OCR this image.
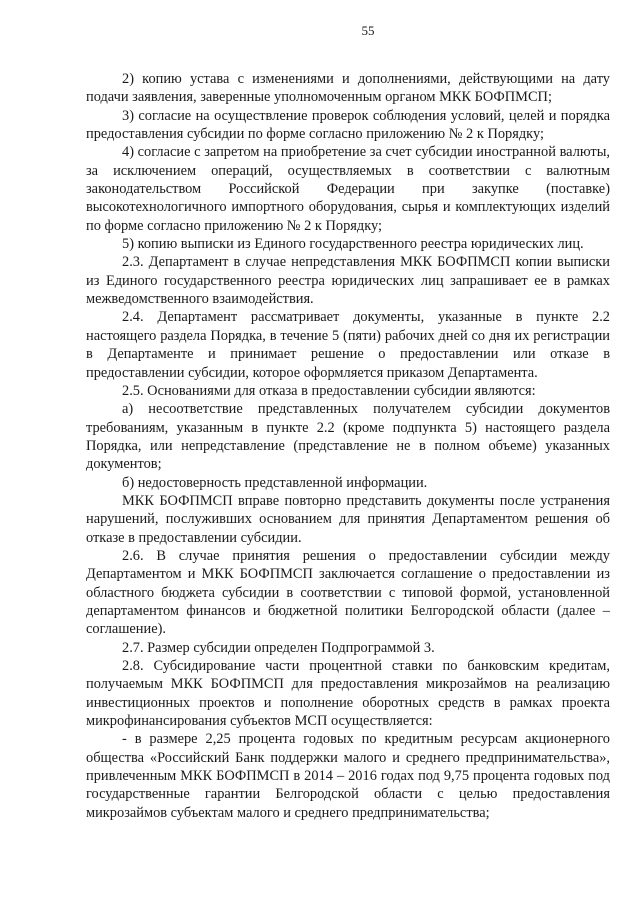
55

2) копию устава с изменениями и дополнениями, действующими на дату подачи заявления, заверенные уполномоченным органом МКК БОФПМСП;

3) согласие на осуществление проверок соблюдения условий, целей и порядка предоставления субсидии по форме согласно приложению № 2 к Порядку;

4) согласие с запретом на приобретение за счет субсидии иностранной валюты, за исключением операций, осуществляемых в соответствии с валютным законодательством Российской Федерации при закупке (поставке) высокотехнологичного импортного оборудования, сырья и комплектующих изделий по форме согласно приложению № 2 к Порядку;

5) копию выписки из Единого государственного реестра юридических лиц.

2.3. Департамент в случае непредставления МКК БОФПМСП копии выписки из Единого государственного реестра юридических лиц запрашивает ее в рамках межведомственного взаимодействия.

2.4. Департамент рассматривает документы, указанные в пункте 2.2 настоящего раздела Порядка, в течение 5 (пяти) рабочих дней со дня их регистрации в Департаменте и принимает решение о предоставлении или отказе в предоставлении субсидии, которое оформляется приказом Департамента.

2.5. Основаниями для отказа в предоставлении субсидии являются:

а) несоответствие представленных получателем субсидии документов требованиям, указанным в пункте 2.2 (кроме подпункта 5) настоящего раздела Порядка, или непредставление (представление не в полном объеме) указанных документов;

б) недостоверность представленной информации.

МКК БОФПМСП вправе повторно представить документы после устранения нарушений, послуживших основанием для принятия Департаментом решения об отказе в предоставлении субсидии.

2.6. В случае принятия решения о предоставлении субсидии между Департаментом и МКК БОФПМСП заключается соглашение о предоставлении из областного бюджета субсидии в соответствии с типовой формой, установленной департаментом финансов и бюджетной политики Белгородской области (далее – соглашение).

2.7. Размер субсидии определен Подпрограммой 3.

2.8. Субсидирование части процентной ставки по банковским кредитам, получаемым МКК БОФПМСП для предоставления микрозаймов на реализацию инвестиционных проектов и пополнение оборотных средств в рамках проекта микрофинансирования субъектов МСП осуществляется:

- в размере 2,25 процента годовых по кредитным ресурсам акционерного общества «Российский Банк поддержки малого и среднего предпринимательства», привлеченным МКК БОФПМСП в 2014 – 2016 годах под 9,75 процента годовых под государственные гарантии Белгородской области с целью предоставления микрозаймов субъектам малого и среднего предпринимательства;
